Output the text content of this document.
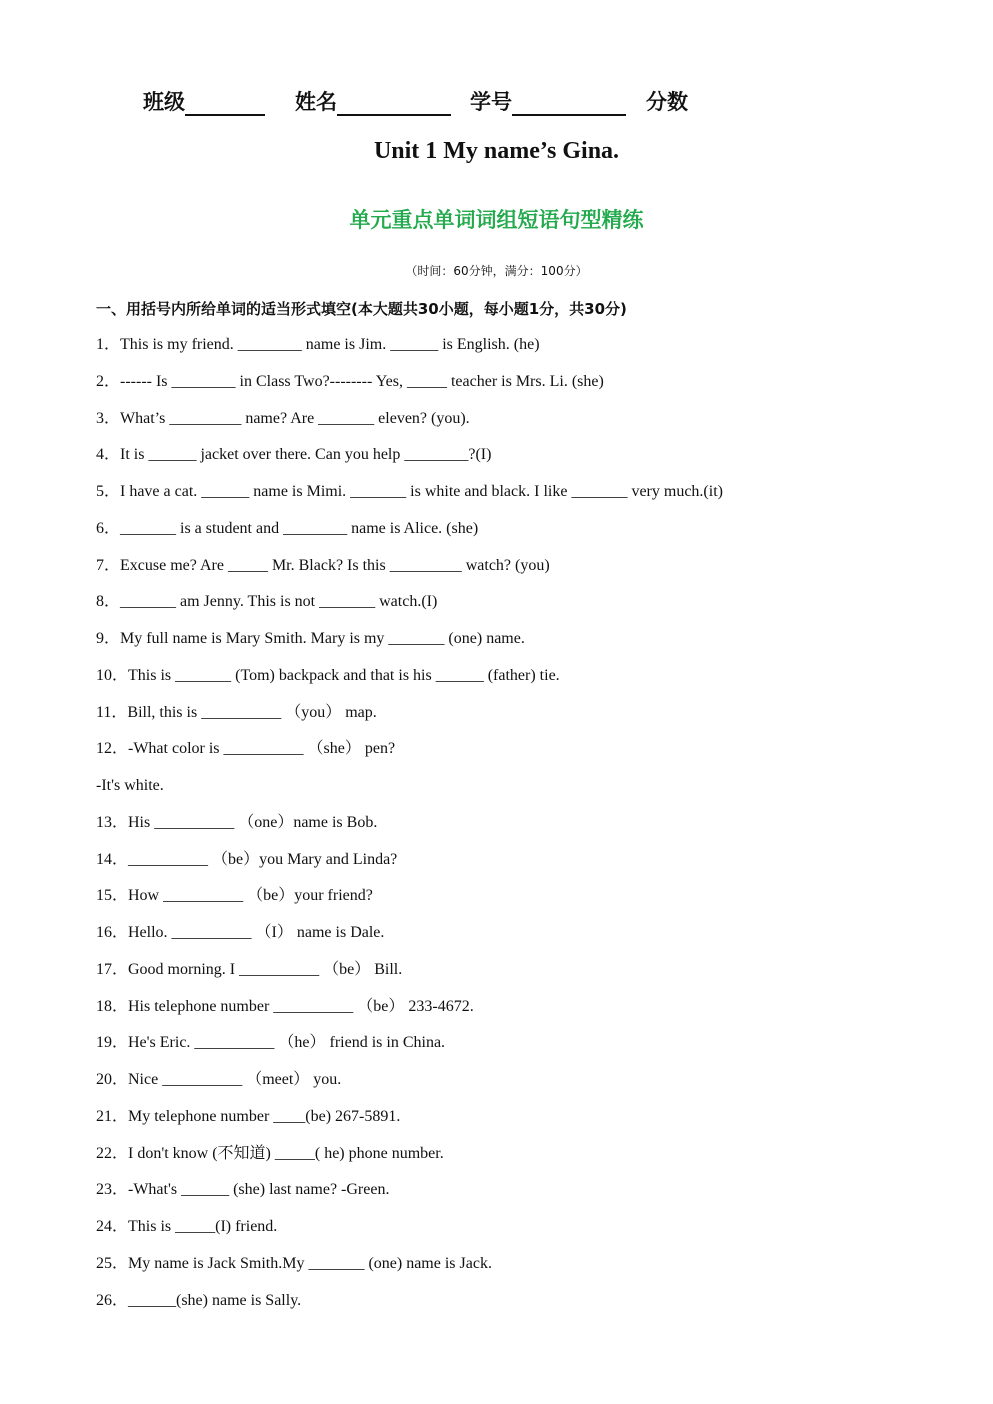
班级	姓名	学号	分数
Unit 1 My name’s Gina.
单元重点单词词组短语句型精练
（时间：60分钟，满分：100分）
一、用括号内所给单词的适当形式填空(本大题共30小题，每小题1分，共30分)
1．This is my friend. ________ name is Jim. ______ is English. (he)
2．------ Is ________ in Class Two?-------- Yes, _____ teacher is Mrs. Li. (she)
3．What’s _________ name? Are _______ eleven? (you).
4．It is ______ jacket over there. Can you help ________?(I)
5．I have a cat. ______ name is Mimi. _______ is white and black. I like _______ very much.(it)
6．_______ is a student and ________ name is Alice. (she)
7．Excuse me? Are _____ Mr. Black? Is this _________ watch? (you)
8．_______ am Jenny. This is not _______ watch.(I)
9．My full name is Mary Smith. Mary is my _______ (one) name.
10．This is _______ (Tom) backpack and that is his ______ (father) tie.
11．Bill, this is __________ （you） map.
12．-What color is __________ （she） pen?
-It's white.
13．His __________ （one）name is Bob.
14．__________ （be）you Mary and Linda?
15．How __________ （be）your friend?
16．Hello. __________ （I） name is Dale.
17．Good morning. I __________ （be） Bill.
18．His telephone number __________ （be） 233-4672.
19．He's Eric. __________ （he） friend is in China.
20．Nice __________ （meet） you.
21．My telephone number ____(be) 267-5891.
22．I don't know (不知道) _____( he) phone number.
23．-What's ______ (she) last name? -Green.
24．This is _____(I) friend.
25．My name is Jack Smith.My _______ (one) name is Jack.
26．______(she) name is Sally.
